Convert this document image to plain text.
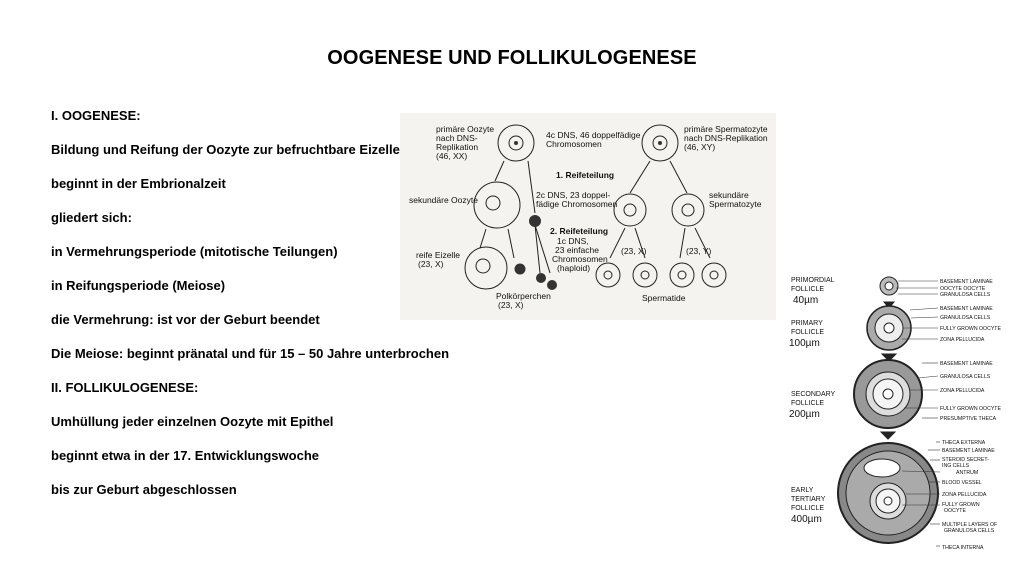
OOGENESE UND FOLLIKULOGENESE
I. OOGENESE:
Bildung und Reifung der Oozyte zur befruchtbare Eizelle
beginnt in der Embrionalzeit
gliedert sich:
in Vermehrungsperiode (mitotische Teilungen)
in Reifungsperiode (Meiose)
die Vermehrung: ist vor der Geburt beendet
Die Meiose: beginnt pränatal und für 15 – 50 Jahre unterbrochen
II. FOLLIKULOGENESE:
Umhüllung jeder einzelnen Oozyte mit Epithel
beginnt etwa in der 17. Entwicklungswoche
bis zur Geburt abgeschlossen
primäre Oozyte nach DNS-Replikation (46, XX)
4c DNS, 46 doppelfädige Chromosomen
primäre Spermatozyte nach DNS-Replikation (46, XY)
1. Reifeteilung
sekundäre Oozyte	2c DNS, 23 doppel-fädige Chromosomen
sekundäre Spermatozyte
2. Reifeteilung
1c DNS, 23 einfache Chromosomen (haploid)
reife Eizelle (23, X)
(23, X)	(23, Y)
Polkörperchen (23, X)
Spermatide
PRIMORDIAL FOLLICLE 40µm
PRIMARY FOLLICLE 100µm
SECONDARY FOLLICLE 200µm
EARLY TERTIARY FOLLICLE 400µm
BASEMENT LAMINAE
OOCYTE OOCYTE
GRANULOSA CELLS
BASEMENT LAMINAE
GRANULOSA CELLS
FULLY GROWN OOCYTE
ZONA PELLUCIDA
BASEMENT LAMINAE
GRANULOSA CELLS
ZONA PELLUCIDA
FULLY GROWN OOCYTE
PRESUMPTIVE THECA
THECA EXTERNA
BASEMENT LAMINAE
STEROID SECRET-ING CELLS
ANTRUM
BLOOD VESSEL
ZONA PELLUCIDA
FULLY GROWN OOCYTE
MULTIPLE LAYERS OF GRANULOSA CELLS
THECA INTERNA
